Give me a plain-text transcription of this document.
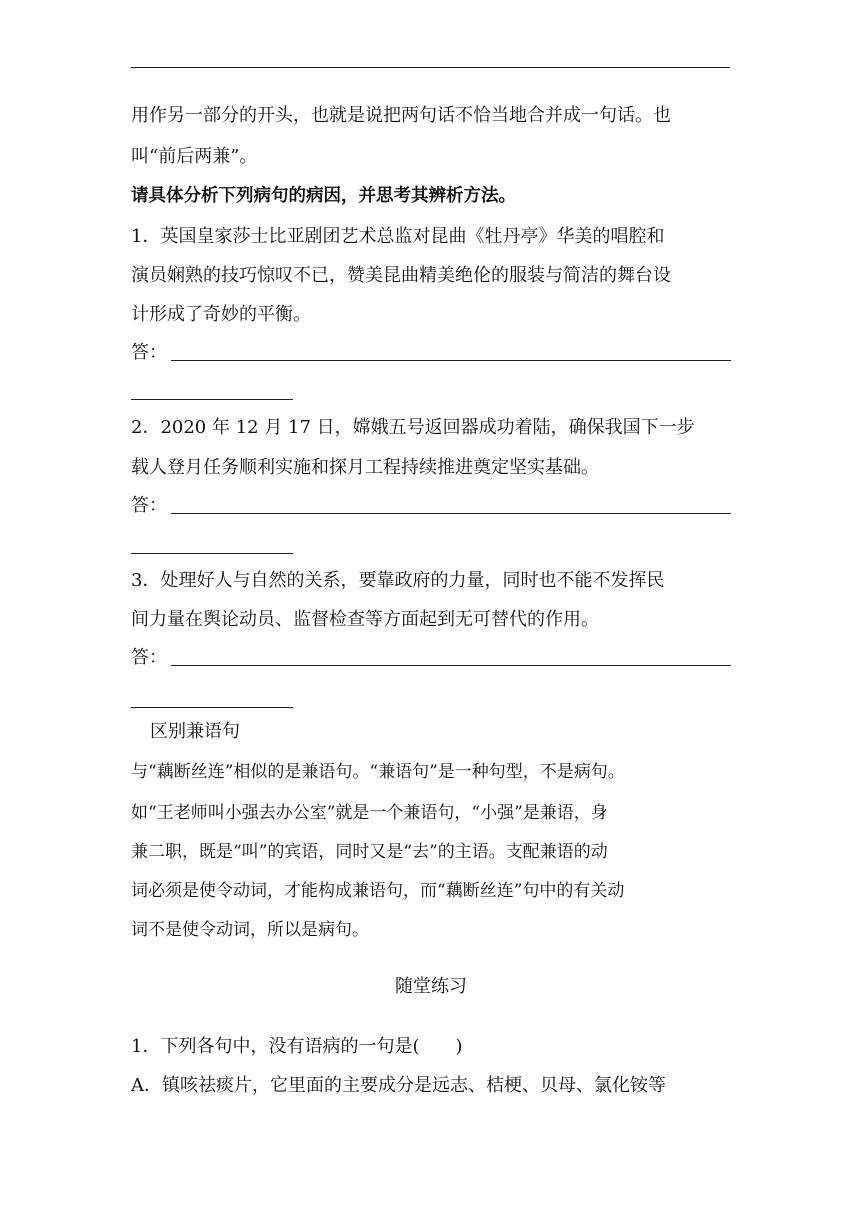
用作另一部分的开头，也就是说把两句话不恰当地合并成一句话。也
叫“前后两兼”。
请具体分析下列病句的病因，并思考其辨析方法。
1．英国皇家莎士比亚剧团艺术总监对昆曲《牡丹亭》华美的唱腔和
演员娴熟的技巧惊叹不已，赞美昆曲精美绝伦的服装与简洁的舞台设
计形成了奇妙的平衡。
答：
2．2020 年 12 月 17 日，嫦娥五号返回器成功着陆，确保我国下一步
载人登月任务顺利实施和探月工程持续推进奠定坚实基础。
答：
3．处理好人与自然的关系，要靠政府的力量，同时也不能不发挥民
间力量在舆论动员、监督检查等方面起到无可替代的作用。
答：
区别兼语句
与“藕断丝连”相似的是兼语句。“兼语句”是一种句型，不是病句。
如“王老师叫小强去办公室”就是一个兼语句，“小强”是兼语，身
兼二职，既是“叫”的宾语，同时又是“去”的主语。支配兼语的动
词必须是使令动词，才能构成兼语句，而“藕断丝连”句中的有关动
词不是使令动词，所以是病句。
随堂练习
1．下列各句中，没有语病的一句是(　　)
A．镇咳祛痰片，它里面的主要成分是远志、桔梗、贝母、氯化铵等
